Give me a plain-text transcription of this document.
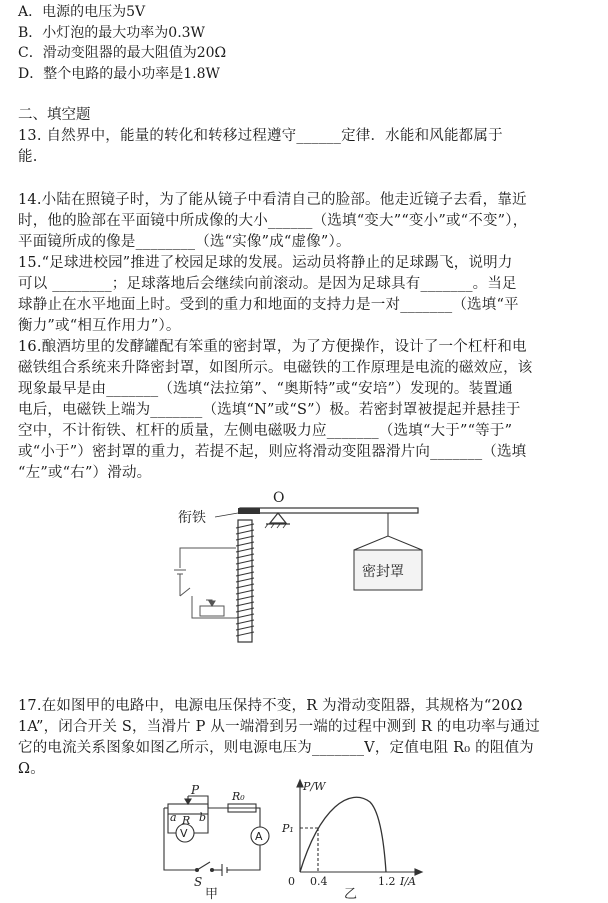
A．电源的电压为5V
B．小灯泡的最大功率为0.3W
C．滑动变阻器的最大阻值为20Ω
D．整个电路的最小功率是1.8W
二、填空题
13. 自然界中，能量的转化和转移过程遵守______定律．水能和风能都属于
能.
14.小陆在照镜子时，为了能从镜子中看清自己的脸部。他走近镜子去看，靠近
时，他的脸部在平面镜中所成像的大小______（选填“变大”“变小”或“不变”），
平面镜所成的像是________（选“实像”成“虚像”）。
15.“足球进校园”推进了校园足球的发展。运动员将静止的足球踢飞，说明力
可以 ________；足球落地后会继续向前滚动。是因为足球具有_______。当足
球静止在水平地面上时。受到的重力和地面的支持力是一对_______（选填“平
衡力”或“相互作用力”）。
16.酿酒坊里的发酵罐配有笨重的密封罩，为了方便操作，设计了一个杠杆和电
磁铁组合系统来升降密封罩，如图所示。电磁铁的工作原理是电流的磁效应，该
现象最早是由_______（选填“法拉第”、“奥斯特”或“安培”）发现的。装置通
电后，电磁铁上端为_______（选填“N”或“S”）极。若密封罩被提起并悬挂于
空中，不计衔铁、杠杆的质量，左侧电磁吸力应_______（选填“大于”“等于”
或“小于”）密封罩的重力，若提不起，则应将滑动变阻器滑片向_______（选填
“左”或“右”）滑动。
O
衔铁
密封罩
17.在如图甲的电路中，电源电压保持不变，R 为滑动变阻器，其规格为“20Ω
1A”，闭合开关 S，当滑片 P 从一端滑到另一端的过程中测到 R 的电功率与通过
它的电流关系图象如图乙所示，则电源电压为_______V，定值电阻 R₀ 的阻值为
Ω。
P
a R b
R₀
V	A
S
甲
P/W
P₁
0 0.4	1.2 I/A
乙
